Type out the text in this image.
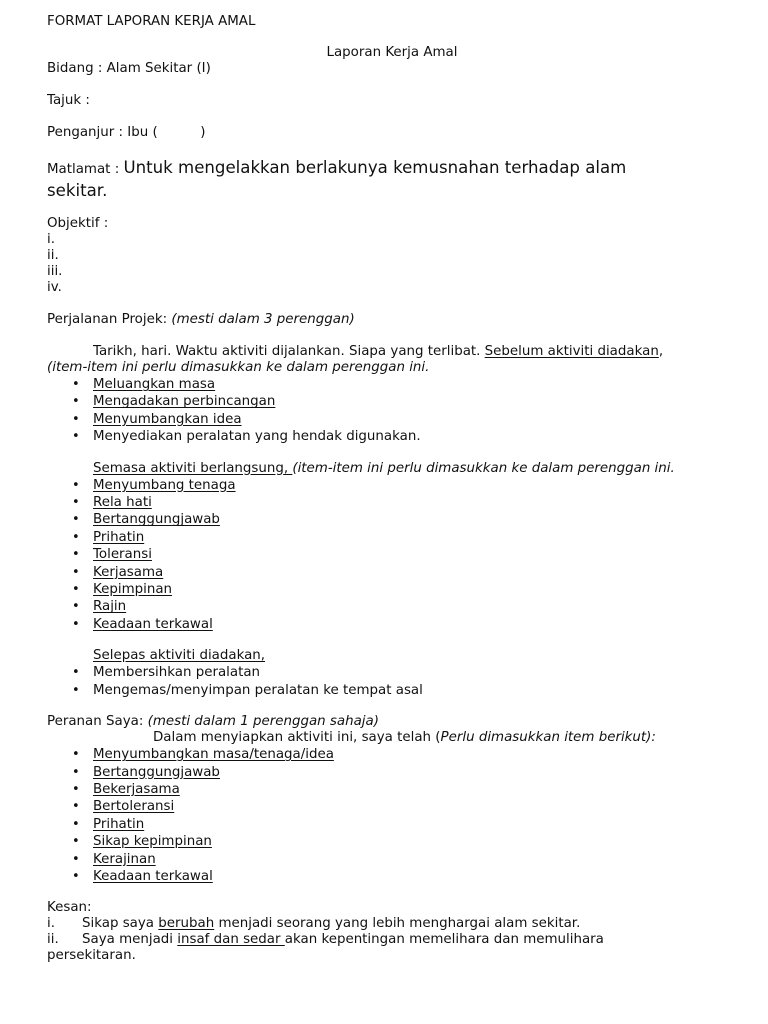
FORMAT LAPORAN KERJA AMAL
Laporan Kerja Amal
Bidang : Alam Sekitar (I)
Tajuk :
Penganjur : Ibu (          )
Matlamat : Untuk mengelakkan berlakunya kemusnahan terhadap alam
sekitar.
Objektif :
i.
ii.
iii.
iv.
Perjalanan Projek: (mesti dalam 3 perenggan)
Tarikh, hari. Waktu aktiviti dijalankan. Siapa yang terlibat. Sebelum aktiviti diadakan,
(item-item ini perlu dimasukkan ke dalam perenggan ini.
• Meluangkan masa
• Mengadakan perbincangan
• Menyumbangkan idea
• Menyediakan peralatan yang hendak digunakan.
Semasa aktiviti berlangsung, (item-item ini perlu dimasukkan ke dalam perenggan ini.
• Menyumbang tenaga
• Rela hati
• Bertanggungjawab
• Prihatin
• Toleransi
• Kerjasama
• Kepimpinan
• Rajin
• Keadaan terkawal
Selepas aktiviti diadakan,
• Membersihkan peralatan
• Mengemas/menyimpan peralatan ke tempat asal
Peranan Saya: (mesti dalam 1 perenggan sahaja)
Dalam menyiapkan aktiviti ini, saya telah (Perlu dimasukkan item berikut):
• Menyumbangkan masa/tenaga/idea
• Bertanggungjawab
• Bekerjasama
• Bertoleransi
• Prihatin
• Sikap kepimpinan
• Kerajinan
• Keadaan terkawal
Kesan:
i. Sikap saya berubah menjadi seorang yang lebih menghargai alam sekitar.
ii. Saya menjadi insaf dan sedar akan kepentingan memelihara dan memulihara
persekitaran.
